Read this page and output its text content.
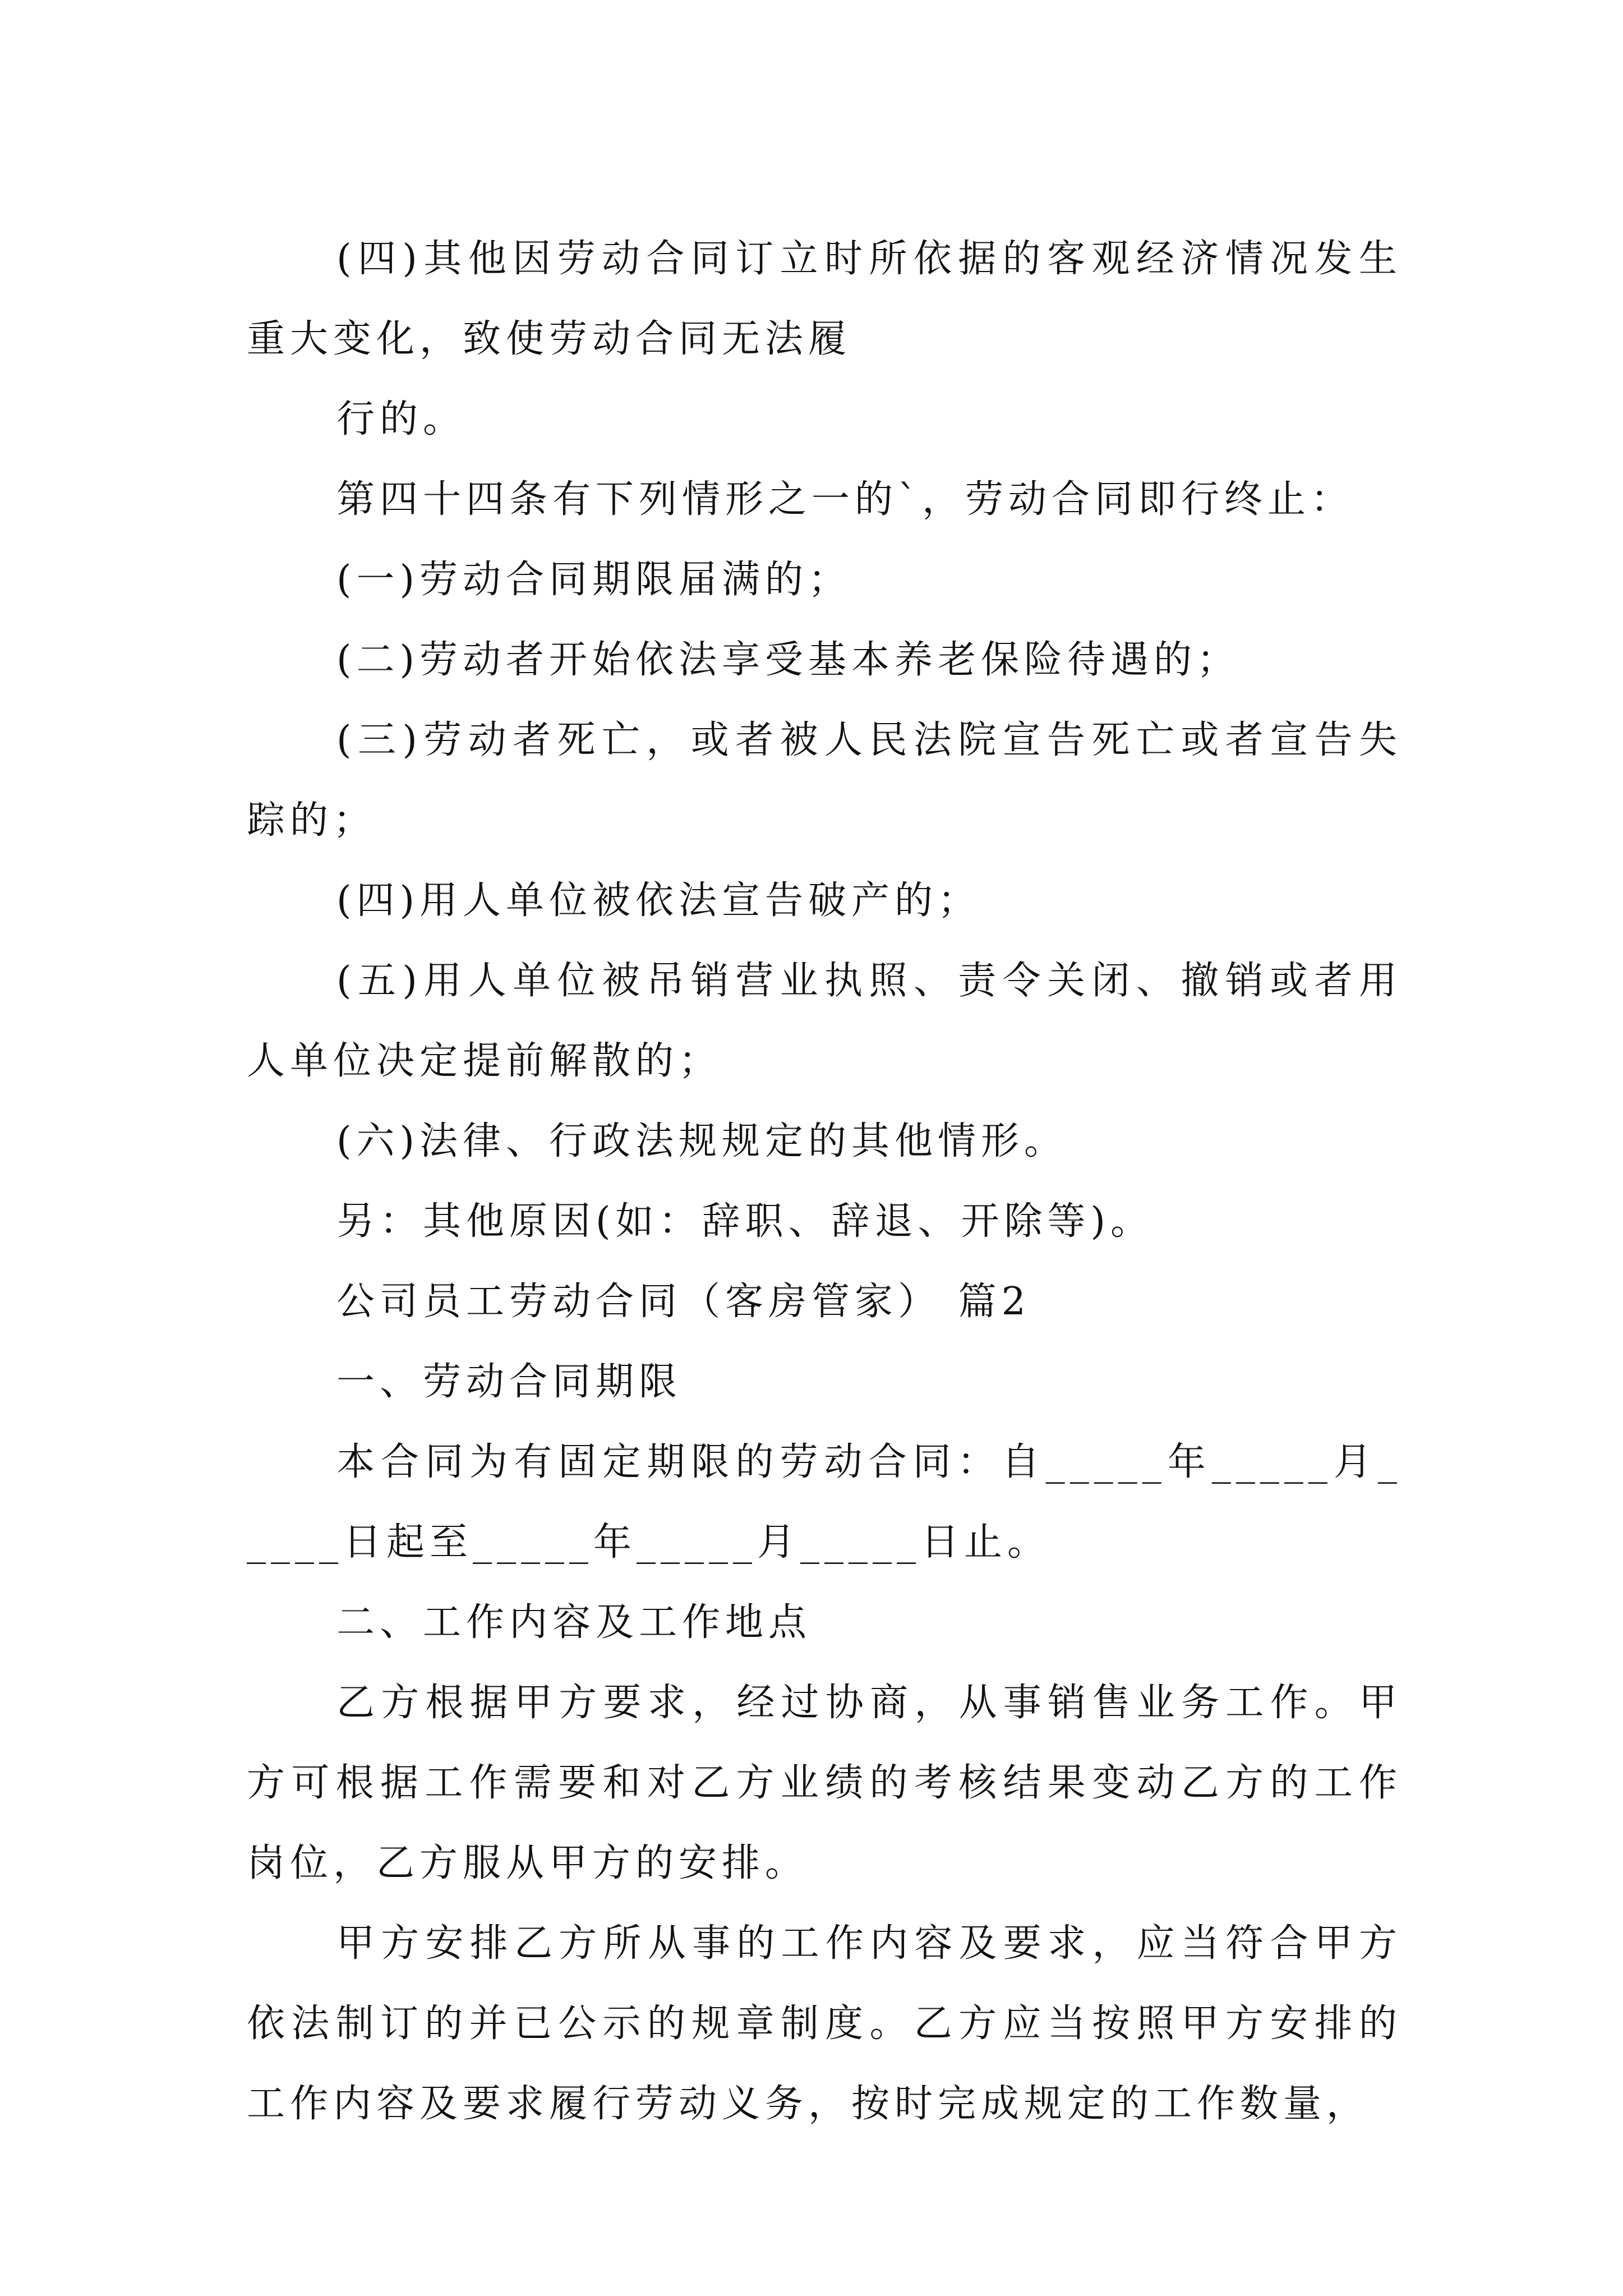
(四)其他因劳动合同订立时所依据的客观经济情况发生重大变化，致使劳动合同无法履

行的。

第四十四条有下列情形之一的`，劳动合同即行终止：

(一)劳动合同期限届满的；

(二)劳动者开始依法享受基本养老保险待遇的；

(三)劳动者死亡，或者被人民法院宣告死亡或者宣告失踪的；

(四)用人单位被依法宣告破产的；

(五)用人单位被吊销营业执照、责令关闭、撤销或者用人单位决定提前解散的；

(六)法律、行政法规规定的其他情形。

另：其他原因(如：辞职、辞退、开除等)。

公司员工劳动合同（客房管家） 篇2

一、劳动合同期限

本合同为有固定期限的劳动合同：自_____年_____月_____日起至_____年_____月_____日止。

二、工作内容及工作地点

乙方根据甲方要求，经过协商，从事销售业务工作。甲方可根据工作需要和对乙方业绩的考核结果变动乙方的工作岗位，乙方服从甲方的安排。

甲方安排乙方所从事的工作内容及要求，应当符合甲方依法制订的并已公示的规章制度。乙方应当按照甲方安排的工作内容及要求履行劳动义务，按时完成规定的工作数量，
